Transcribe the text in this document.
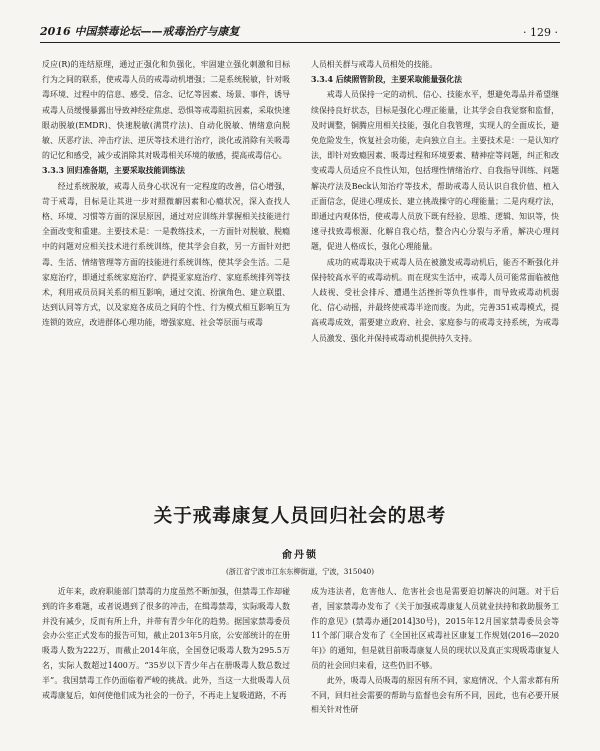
2016 中国禁毒论坛——戒毒治疗与康复	· 129 ·

反应(R)的连结原理，通过正强化和负强化，牢固建立强化刺激和目标行为之间的联系，使戒毒人员的戒毒动机增强；二是系统脱敏，针对吸毒环境、过程中的信息、感受、信念、记忆等因素、场景、事件，诱导戒毒人员缓慢暴露出导致神经症焦虑、恐惧等戒毒阻抗因素，采取快速眼动脱敏(EMDR)、快速脱敏(满贯疗法)、自动化脱敏、情绪意向脱敏、厌恶疗法、冲击疗法、逆厌等技术进行治疗，淡化或消除有关吸毒的记忆和感受，减少或消除其对吸毒相关环境的敏感，提高戒毒信心。

3.3.3 回归准备期，主要采取技能训练法

经过系统脱敏，戒毒人员身心状况有一定程度的改善，信心增强，苛于戒毒，目标是让其进一步对照微癖因素和心瘾状况，深入查找人格、环境、习惯等方面的深层原因，通过对应训练并掌握相关技能进行全面改变和重建。主要技术是：一是教练技术，一方面针对脱敏、脱瘾中的问题对应相关技术进行系统训练，使其学会自救，另一方面针对把毒、生活、情绪管理等方面的技能进行系统训练，使其学会生活。二是家庭治疗，即通过系统家庭治疗、萨提亚家庭治疗、家庭系统排列等技术，利用戒员员间关系的相互影响，通过交流、扮演角色、建立联盟、达到认同等方式，以及家庭各成员之间的个性、行为模式相互影响互为连锁的效应，改进群体心理功能，增强家庭、社会等层面与戒毒

人员相关群与戒毒人员相处的技能。

3.3.4 后续照管阶段，主要采取能量强化法

戒毒人员保持一定的动机、信心、技能水平，想避免毒品并希望继续保持良好状态，目标是强化心理正能量，让其学会自我觉察和监督，及时调整，铜腾应用相关技能，强化自我管理，实现人的全面成长，避免危险发生，恢复社会功能，走向独立自主。主要技术是：一是认知疗法，即针对致瘾因素、吸毒过程和环境要素、精神症等问题，纠正和改变戒毒人员适应不良性认知，包括理性情绪治疗、自我指导训练、问题解决疗法及Beck认知治疗等技术，帮助戒毒人员认识自我价值、植入正面信念，促进心理成长、建立挑战操守的心理能量；二是内观疗法，即通过内观体悟，使戒毒人员放下既有经验、思维、逻辑、知识等，快速寻找致毒根源、化解自我心结，整合内心分裂与矛盾，解决心理问题，促进人格成长，强化心理能量。

成功的戒毒取决于戒毒人员在被激发戒毒动机后，能否不断强化并保持较高水平的戒毒动机。而在现实生活中，戒毒人员可能常面临被他人歧视、受社会排斥、遭遇生活挫折等负性事件，而导致戒毒动机弱化、信心动摇，并最终使戒毒半途而废。为此，完善351戒毒模式，提高戒毒成效，需要建立政府、社会、家庭参与的戒毒支持系统，为戒毒人员激发、强化并保持戒毒动机提供持久支持。

关于戒毒康复人员回归社会的思考
俞丹锁
(浙江省宁波市江东东柳街道，宁波，315040)

近年来，政府职能部门禁毒的力度虽然不断加强，但禁毒工作却碰到的许多难题，或者说遇到了很多的冲击，在缉毒禁毒，实际吸毒人数并没有减少，反而有所上升，并带有青少年化的趋势。据国家禁毒委员会办公室正式发布的报告可知，截止2013年5月底，公安部统计的在册吸毒人数为222万，而截止2014年底，全国登记吸毒人数为295.5万名，实际人数超过1400万。“35岁以下青少年占在册吸毒人数总数过半”。我国禁毒工作仍面临着严峻的挑战。此外，当这一大批吸毒人员戒毒康复后，如何使他们成为社会的一份子，不再走上复吸道路，不再

成为违法者，危害他人、危害社会也是需要迫切解决的问题。对于后者，国家禁毒办发布了《关于加强戒毒康复人员就业扶持和救助服务工作的意见》(禁毒办通[2014]30号)，2015年12月国家禁毒委员会等11个部门联合发布了《全国社区戒毒社区康复工作规划(2016—2020年)》的通知，但是就目前吸毒康复人员的现状以及真正实现吸毒康复人员的社会回归来看，这些仍旧不够。

此外，吸毒人员吸毒的原因有所不同，家庭情况、个人需求都有所不同，回归社会需要的帮助与监督也会有所不同，因此，也有必要开展相关针对性研
